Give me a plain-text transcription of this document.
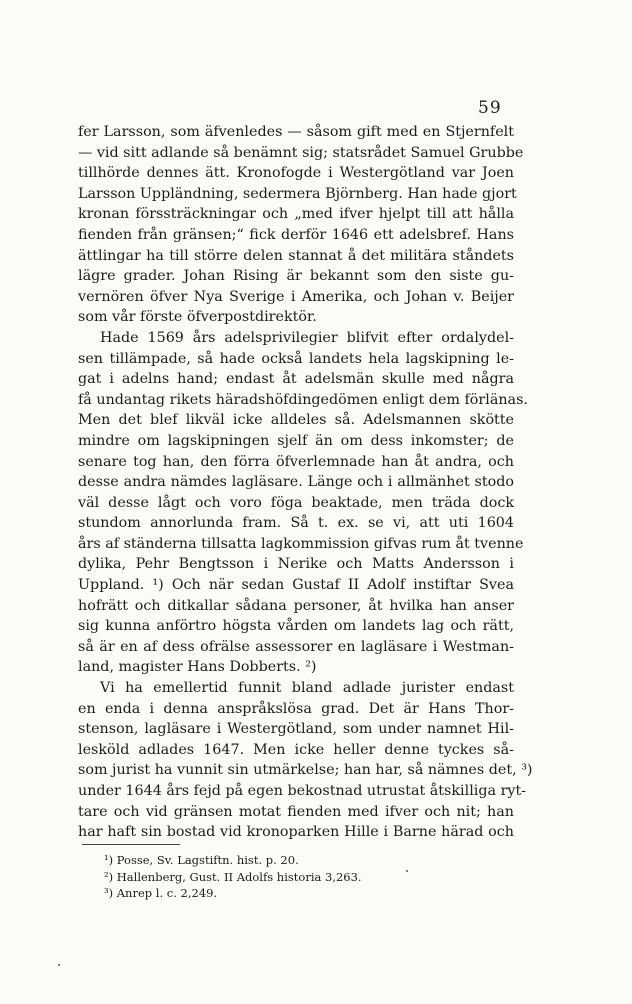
59
fer Larsson, som äfvenledes — såsom gift med en Stjernfelt
— vid sitt adlande så benämnt sig; statsrådet Samuel Grubbe
tillhörde dennes ätt. Kronofogde i Westergötland var Joen
Larsson Uppländning, sedermera Björnberg. Han hade gjort
kronan förssträckningar och „med ifver hjelpt till att hålla
fienden från gränsen;“ fick derför 1646 ett adelsbref. Hans
ättlingar ha till större delen stannat å det militära ståndets
lägre grader. Johan Rising är bekannt som den siste gu-
vernören öfver Nya Sverige i Amerika, och Johan v. Beijer
som vår förste öfverpostdirektör.
Hade 1569 års adelsprivilegier blifvit efter ordalydel-
sen tillämpade, så hade också landets hela lagskipning le-
gat i adelns hand; endast åt adelsmän skulle med några
få undantag rikets häradshöfdingedömen enligt dem förlänas.
Men det blef likväl icke alldeles så. Adelsmannen skötte
mindre om lagskipningen sjelf än om dess inkomster; de
senare tog han, den förra öfverlemnade han åt andra, och
desse andra nämdes lagläsare. Länge och i allmänhet stodo
väl desse lågt och voro föga beaktade, men träda dock
stundom annorlunda fram. Så t. ex. se vi, att uti 1604
års af ständerna tillsatta lagkommission gifvas rum åt tvenne
dylika, Pehr Bengtsson i Nerike och Matts Andersson i
Uppland. ¹) Och när sedan Gustaf II Adolf instiftar Svea
hofrätt och ditkallar sådana personer, åt hvilka han anser
sig kunna anförtro högsta vården om landets lag och rätt,
så är en af dess ofrälse assessorer en lagläsare i Westman-
land, magister Hans Dobberts. ²)
Vi ha emellertid funnit bland adlade jurister endast
en enda i denna anspråkslösa grad. Det är Hans Thor-
stenson, lagläsare i Westergötland, som under namnet Hil-
lesköld adlades 1647. Men icke heller denne tyckes så-
som jurist ha vunnit sin utmärkelse; han har, så nämnes det, ³)
under 1644 års fejd på egen bekostnad utrustat åtskilliga ryt-
tare och vid gränsen motat fienden med ifver och nit; han
har haft sin bostad vid kronoparken Hille i Barne härad och
¹) Posse, Sv. Lagstiftn. hist. p. 20.
²) Hallenberg, Gust. II Adolfs historia 3,263.
³) Anrep l. c. 2,249.
